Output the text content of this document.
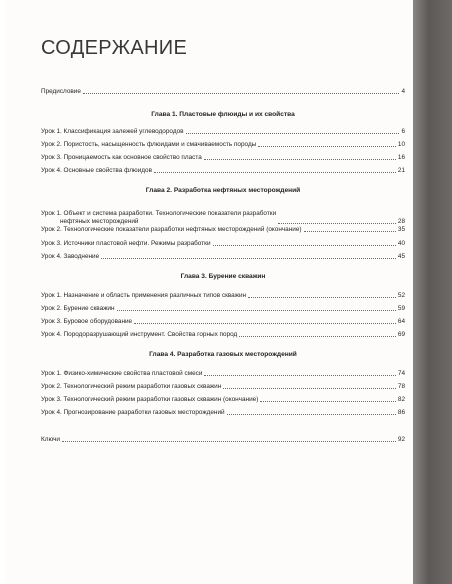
СОДЕРЖАНИЕ
Предисловие	4
Глава 1. Пластовые флюиды и их свойства
Урок 1. Классификация залежей углеводородов	6
Урок 2. Пористость, насыщенность флюидами и смачиваемость породы	10
Урок 3. Проницаемость как основное свойство пласта	16
Урок 4. Основные свойства флюидов	21
Глава 2. Разработка нефтяных месторождений
Урок 1. Объект и система разработки. Технологические показатели разработки
нефтяных месторождений	28
Урок 2. Технологические показатели разработки нефтяных месторождений (окончание)	35
Урок 3. Источники пластовой нефти. Режимы разработки	40
Урок 4. Заводнение	45
Глава 3. Бурение скважин
Урок 1. Назначение и область применения различных типов скважин	52
Урок 2. Бурение скважин	59
Урок 3. Буровое оборудование	64
Урок 4. Породоразрушающий инструмент. Свойства горных пород	69
Глава 4. Разработка газовых месторождений
Урок 1. Физико-химические свойства пластовой смеси	74
Урок 2. Технологический режим разработки газовых скважин	78
Урок 3. Технологический режим разработки газовых скважин (окончание)	82
Урок 4. Прогнозирование разработки газовых месторождений	86
Ключи	92
